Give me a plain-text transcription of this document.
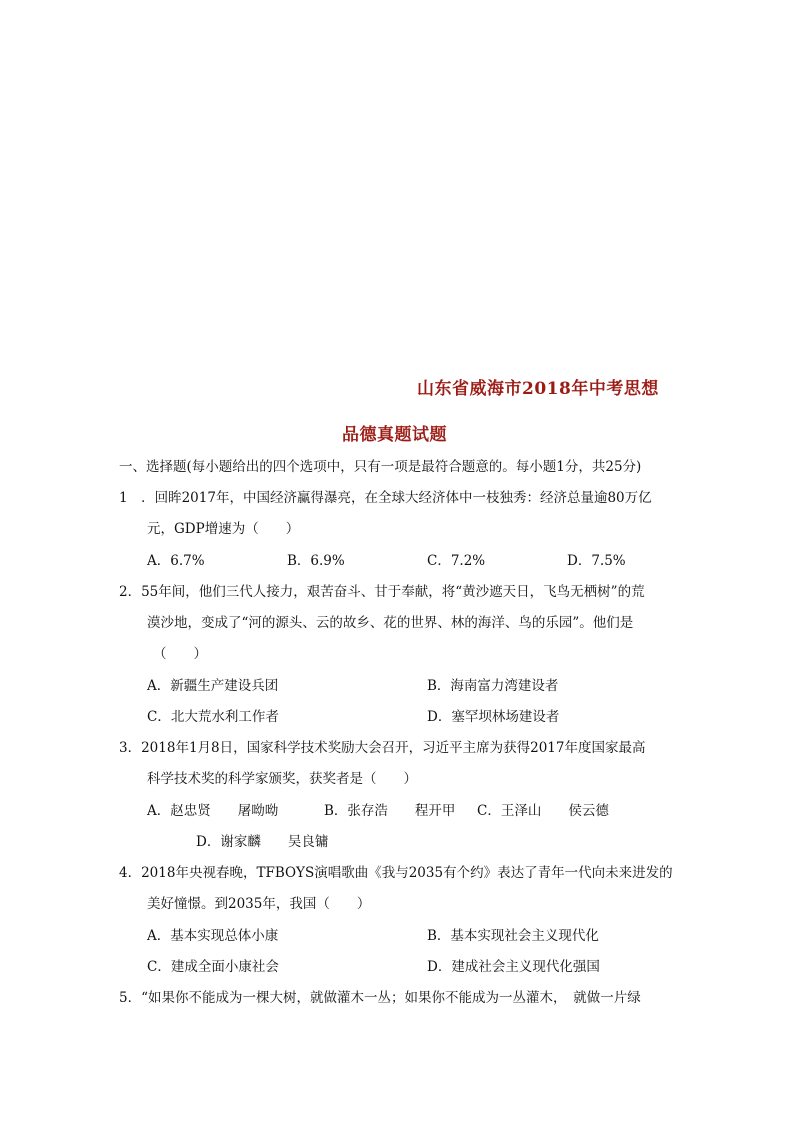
山东省威海市2018年中考思想
品德真题试题
一、选择题(每小题给出的四个选项中，只有一项是最符合题意的。每小题1分，共25分)
1　．回眸2017年，中国经济赢得瀑亮，在全球大经济体中一枝独秀：经济总量逾80万亿
元，GDP增速为（　　）
A．6.7%	B．6.9%	C．7.2%	D．7.5%
2．55年间，他们三代人接力，艰苦奋斗、甘于奉献，将“黄沙遮天日，飞鸟无栖树”的荒
漠沙地，变成了“河的源头、云的故乡、花的世界、林的海洋、鸟的乐园”。他们是
（　　）
A．新疆生产建设兵团	B．海南富力湾建设者
C．北大荒水利工作者	D．塞罕坝林场建设者
3．2018年1月8日，国家科学技术奖励大会召开，习近平主席为获得2017年度国家最高
科学技术奖的科学家颁奖，获奖者是（　　）
A．赵忠贤　　屠呦呦	B．张存浩　　程开甲 C．王泽山　　侯云德
D．谢家麟　　吴良镛
4．2018年央视春晚，TFBOYS演唱歌曲《我与2035有个约》表达了青年一代向未来进发的
美好憧憬。到2035年，我国（　　）
A．基本实现总体小康	B．基本实现社会主义现代化
C．建成全面小康社会	D．建成社会主义现代化强国
5．“如果你不能成为一棵大树，就做灌木一丛；如果你不能成为一丛灌木，　就做一片绿
